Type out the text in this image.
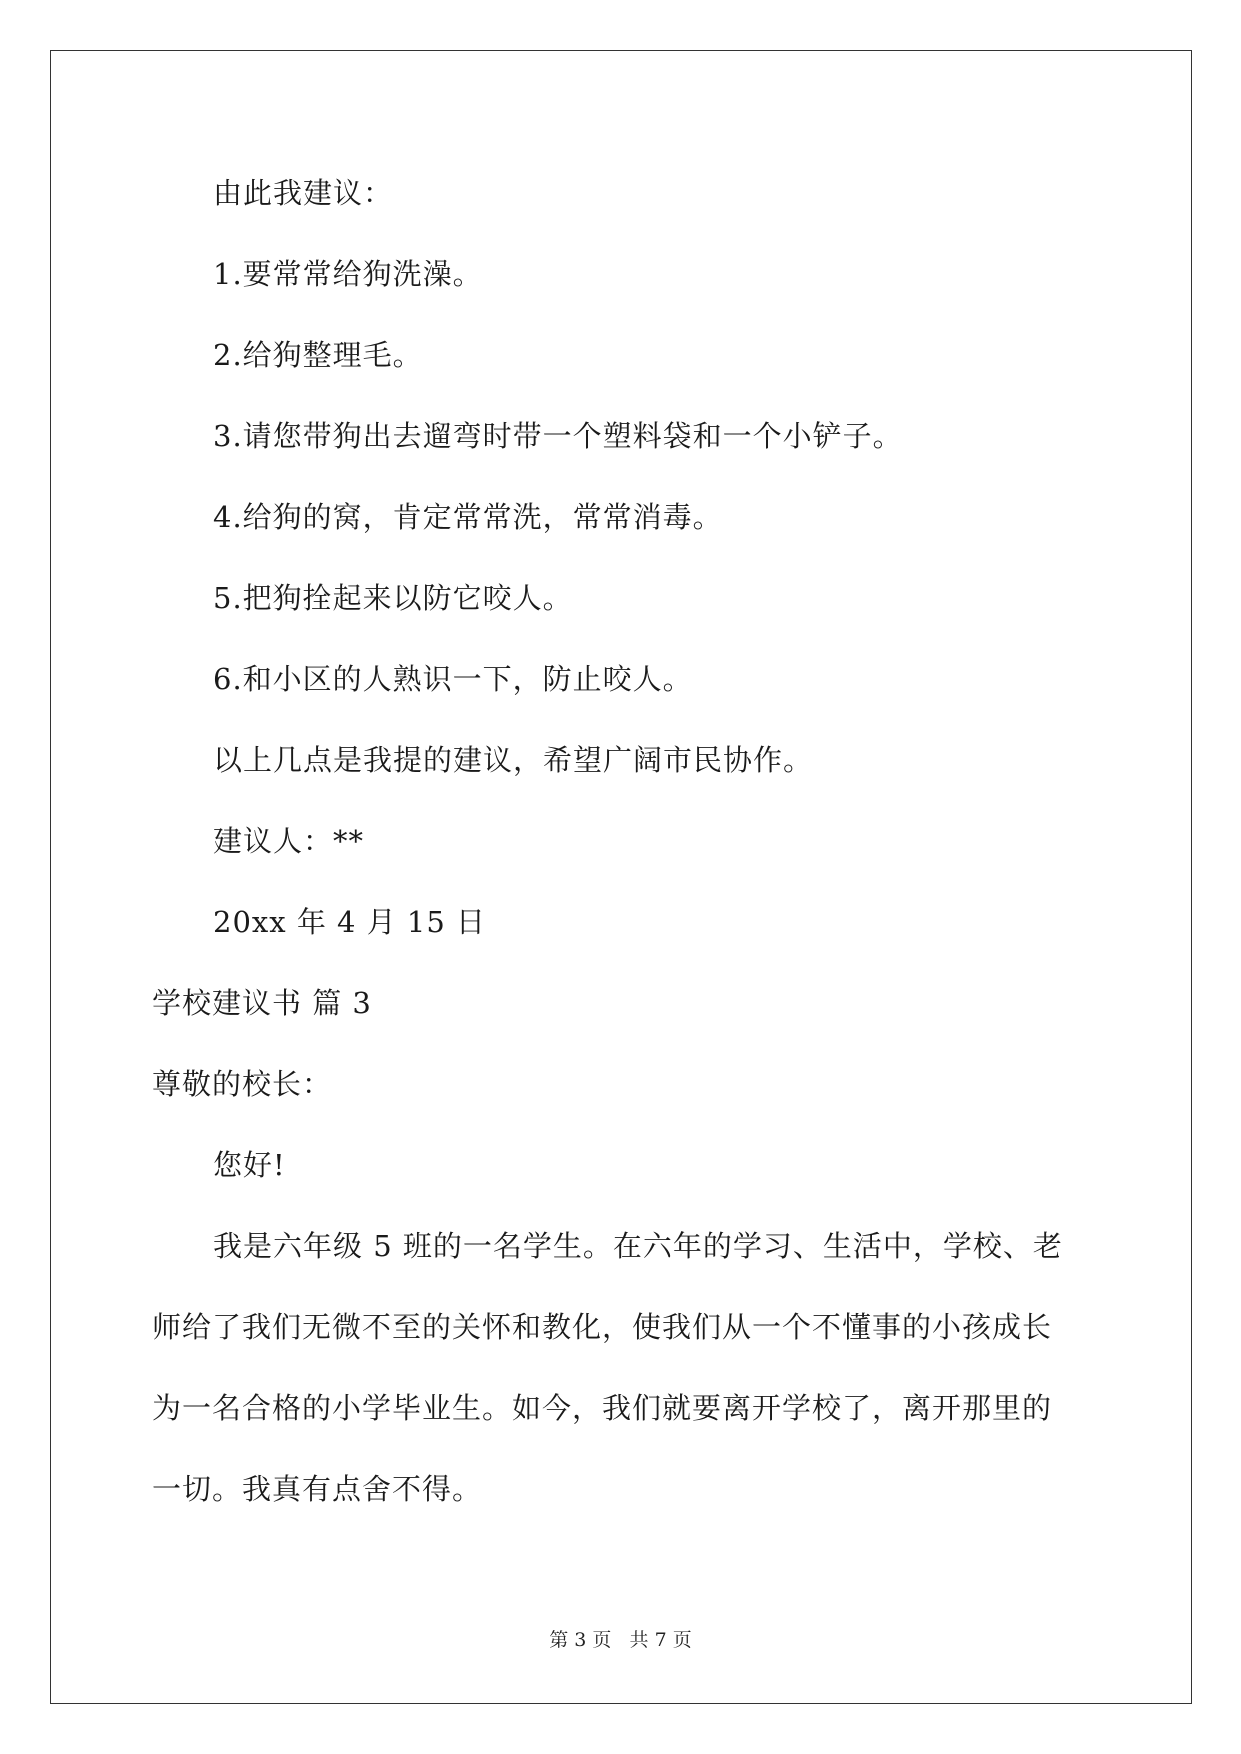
由此我建议：
1.要常常给狗洗澡。
2.给狗整理毛。
3.请您带狗出去遛弯时带一个塑料袋和一个小铲子。
4.给狗的窝，肯定常常洗，常常消毒。
5.把狗拴起来以防它咬人。
6.和小区的人熟识一下，防止咬人。
以上几点是我提的建议，希望广阔市民协作。
建议人：**
20xx 年 4 月 15 日
学校建议书 篇 3
尊敬的校长：
您好!
我是六年级 5 班的一名学生。在六年的学习、生活中，学校、老
师给了我们无微不至的关怀和教化，使我们从一个不懂事的小孩成长
为一名合格的小学毕业生。如今，我们就要离开学校了，离开那里的
一切。我真有点舍不得。
第 3 页   共 7 页
